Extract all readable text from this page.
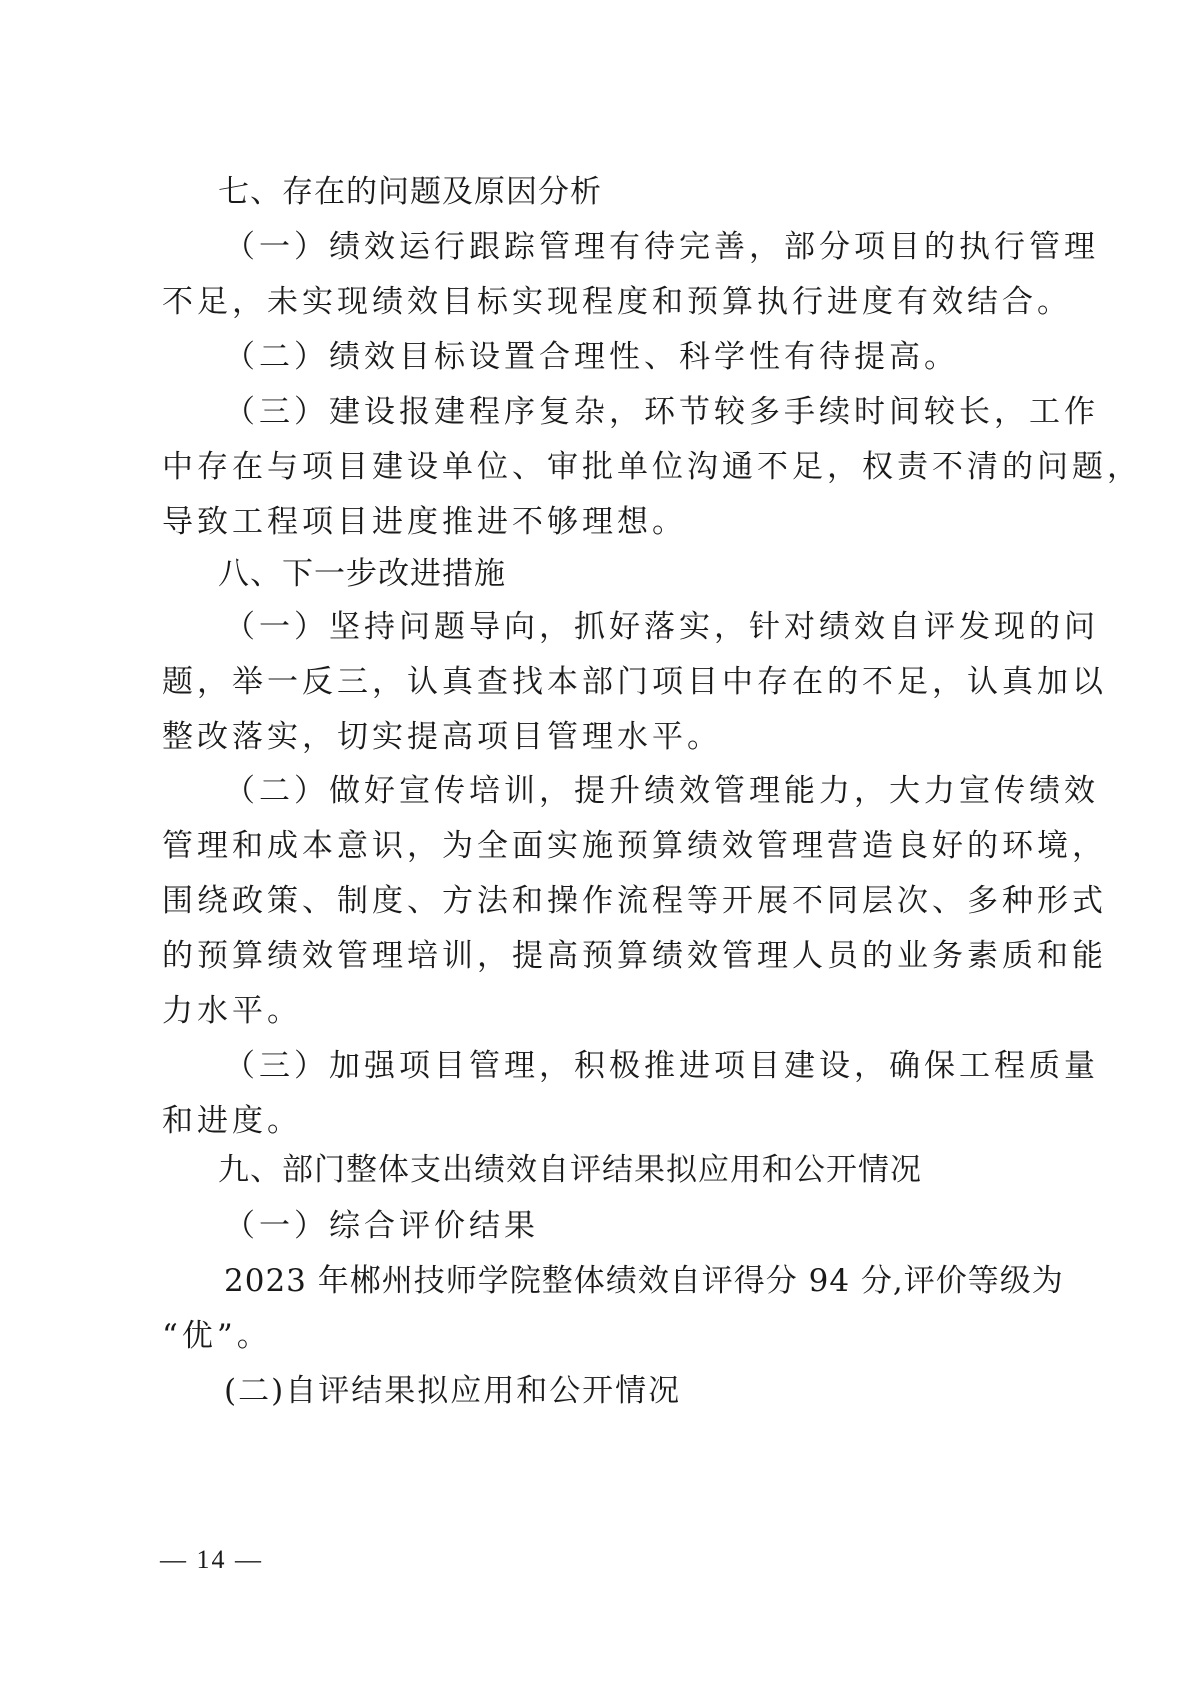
七、存在的问题及原因分析
（一）绩效运行跟踪管理有待完善，部分项目的执行管理
不足，未实现绩效目标实现程度和预算执行进度有效结合。
（二）绩效目标设置合理性、科学性有待提高。
（三）建设报建程序复杂，环节较多手续时间较长，工作
中存在与项目建设单位、审批单位沟通不足，权责不清的问题，
导致工程项目进度推进不够理想。
八、下一步改进措施
（一）坚持问题导向，抓好落实，针对绩效自评发现的问
题，举一反三，认真查找本部门项目中存在的不足，认真加以
整改落实，切实提高项目管理水平。
（二）做好宣传培训，提升绩效管理能力，大力宣传绩效
管理和成本意识，为全面实施预算绩效管理营造良好的环境，
围绕政策、制度、方法和操作流程等开展不同层次、多种形式
的预算绩效管理培训，提高预算绩效管理人员的业务素质和能
力水平。
（三）加强项目管理，积极推进项目建设，确保工程质量
和进度。
九、部门整体支出绩效自评结果拟应用和公开情况
（一）综合评价结果
2023 年郴州技师学院整体绩效自评得分 94 分,评价等级为
“优”。
(二)自评结果拟应用和公开情况
— 14 —
